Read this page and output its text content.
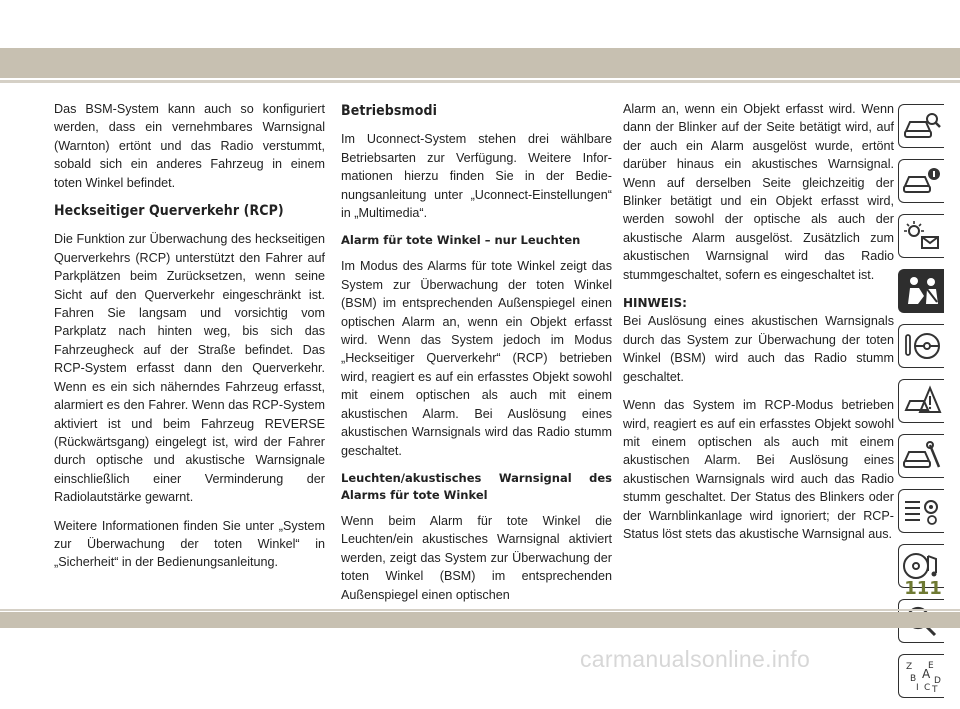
Das BSM-System kann auch so konfiguriert werden, dass ein vernehmbares Warnsignal (Warnton) ertönt und das Radio verstummt, sobald sich ein anderes Fahrzeug in einem toten Winkel befindet.

Heckseitiger Querverkehr (RCP)

Die Funktion zur Überwachung des heckseitigen Querverkehrs (RCP) unterstützt den Fahrer auf Parkplätzen beim Zurücksetzen, wenn seine Sicht auf den Querverkehr eingeschränkt ist. Fahren Sie langsam und vorsichtig vom Parkplatz nach hinten weg, bis sich das Fahrzeugheck auf der Straße befindet. Das RCP-System erfasst dann den Querverkehr. Wenn es ein sich näherndes Fahrzeug erfasst, alarmiert es den Fahrer. Wenn das RCP-System aktiviert ist und beim Fahrzeug REVERSE (Rückwärtsgang) eingelegt ist, wird der Fahrer durch optische und akustische Warnsignale einschließlich einer Verminderung der Radiolautstärke gewarnt.

Weitere Informationen finden Sie unter „System zur Überwachung der toten Winkel“ in „Sicherheit“ in der Bedienungsanleitung.

Betriebsmodi

Im Uconnect-System stehen drei wählbare Betriebsarten zur Verfügung. Weitere Informationen hierzu finden Sie in der Bedienungsanleitung unter „Uconnect-Einstellungen“ in „Multimedia“.

Alarm für tote Winkel – nur Leuchten

Im Modus des Alarms für tote Winkel zeigt das System zur Überwachung der toten Winkel (BSM) im entsprechenden Außenspiegel einen optischen Alarm an, wenn ein Objekt erfasst wird. Wenn das System jedoch im Modus „Heckseitiger Querverkehr“ (RCP) betrieben wird, reagiert es auf ein erfasstes Objekt sowohl mit einem optischen als auch mit einem akustischen Alarm. Bei Auslösung eines akustischen Warnsignals wird das Radio stumm geschaltet.

Leuchten/akustisches Warnsignal des Alarms für tote Winkel

Wenn beim Alarm für tote Winkel die Leuchten/ein akustisches Warnsignal aktiviert werden, zeigt das System zur Überwachung der toten Winkel (BSM) im entsprechenden Außenspiegel einen optischen

Alarm an, wenn ein Objekt erfasst wird. Wenn dann der Blinker auf der Seite betätigt wird, auf der auch ein Alarm ausgelöst wurde, ertönt darüber hinaus ein akustisches Warnsignal. Wenn auf derselben Seite gleichzeitig der Blinker betätigt und ein Objekt erfasst wird, werden sowohl der optische als auch der akustische Alarm ausgelöst. Zusätzlich zum akustischen Warnsignal wird das Radio stummgeschaltet, sofern es eingeschaltet ist.

HINWEIS:

Bei Auslösung eines akustischen Warnsignals durch das System zur Überwachung der toten Winkel (BSM) wird auch das Radio stumm geschaltet.

Wenn das System im RCP-Modus betrieben wird, reagiert es auf ein erfasstes Objekt sowohl mit einem optischen als auch mit einem akustischen Alarm. Bei Auslösung eines akustischen Warnsignals wird auch das Radio stumm geschaltet. Der Status des Blinkers oder der Warnblinkanlage wird ignoriert; der RCP-Status löst stets das akustische Warnsignal aus.

Z E
B A
I C
D
T
111
carmanualsonline.info
